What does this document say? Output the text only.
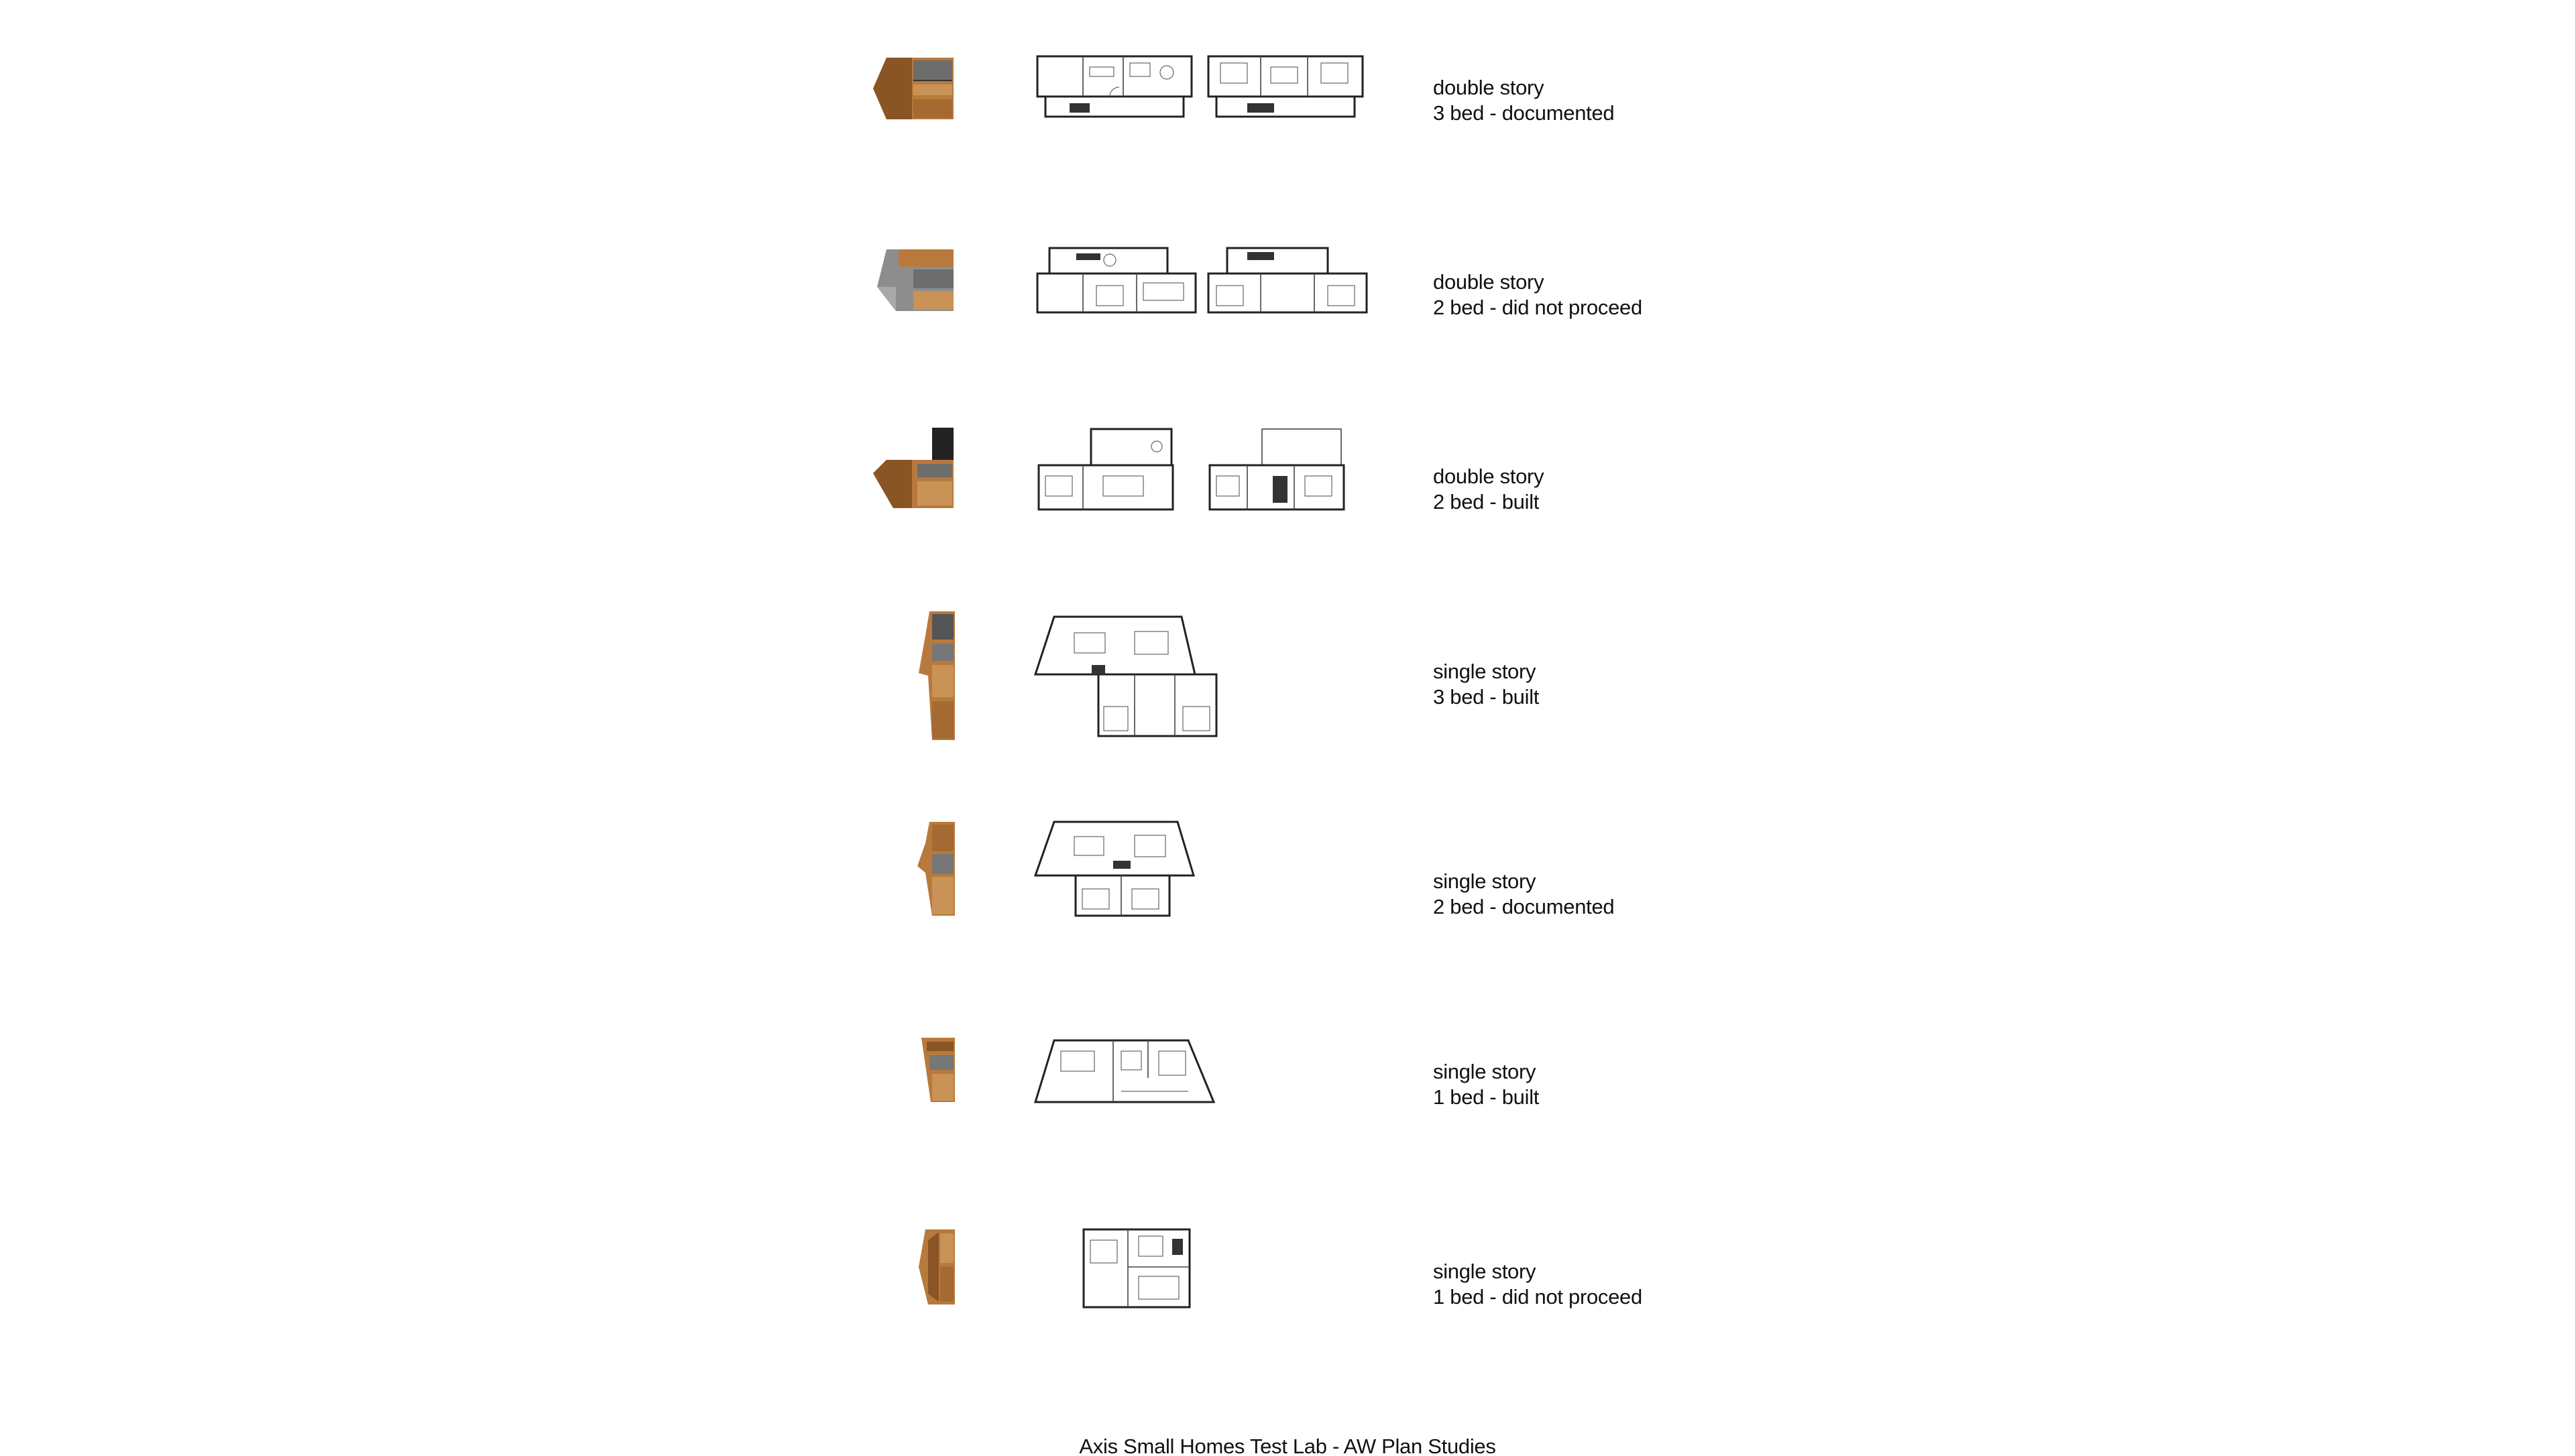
double story
3 bed - documented
double story
2 bed - did not proceed
double story
2 bed - built
single story
3 bed - built
single story
2 bed - documented
single story
1 bed - built
single story
1 bed - did not proceed
Axis Small Homes Test Lab - AW Plan Studies
